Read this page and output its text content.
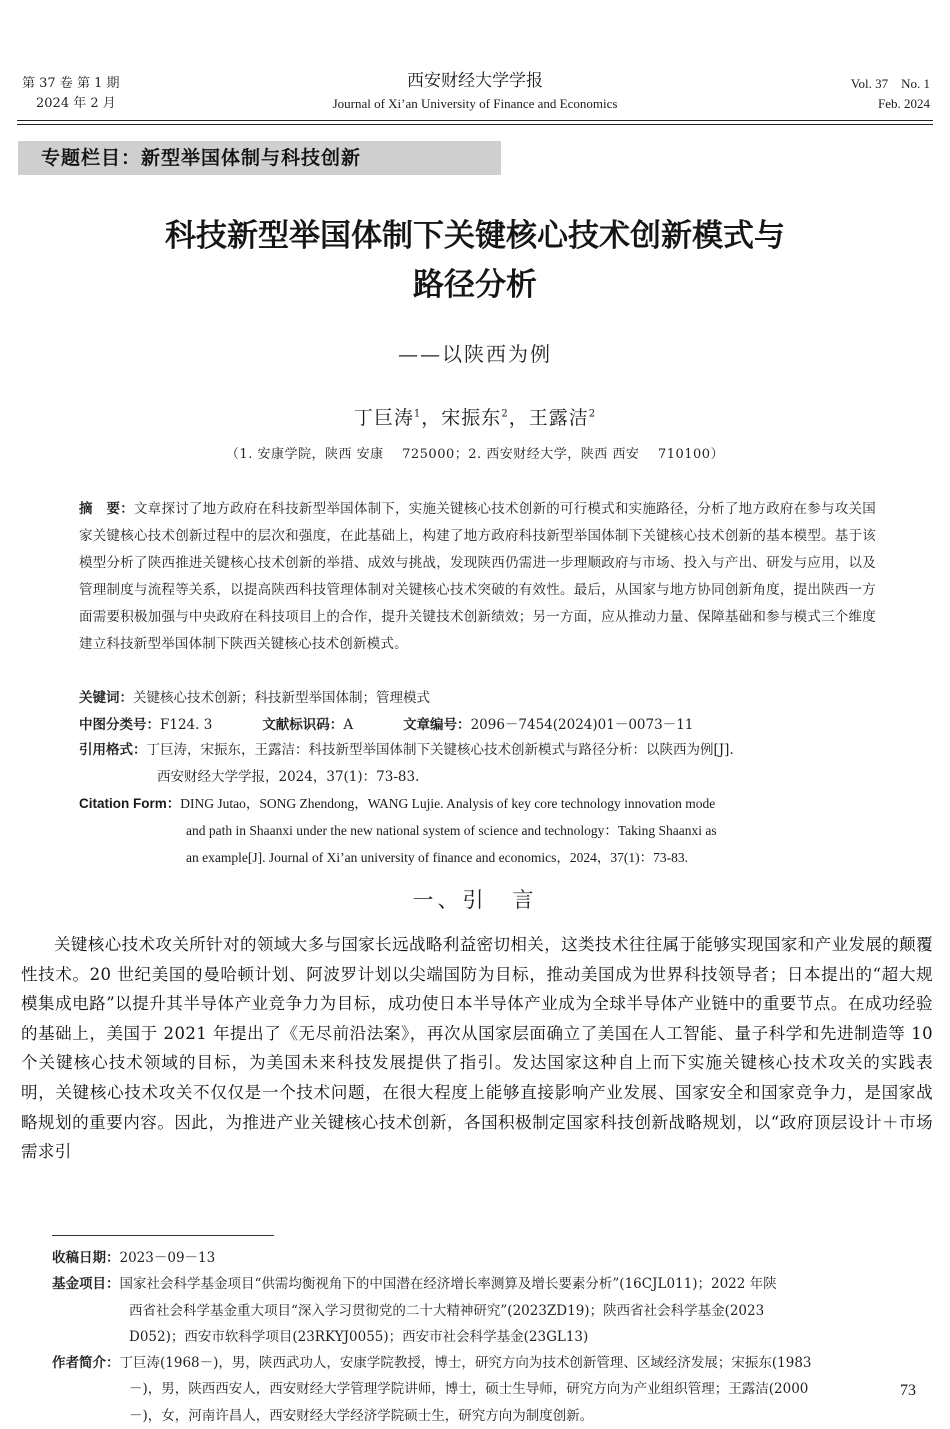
第 37 卷 第 1 期
2024 年 2 月
西安财经大学学报
Journal of Xi’an University of Finance and Economics
Vol. 37    No. 1
Feb. 2024
专题栏目：新型举国体制与科技创新
科技新型举国体制下关键核心技术创新模式与
路径分析
——以陕西为例
丁巨涛$^1$，宋振东$^2$，王露洁$^2$
（1. 安康学院，陕西 安康    725000；2. 西安财经大学，陕西 西安    710100）
摘　要：文章探讨了地方政府在科技新型举国体制下，实施关键核心技术创新的可行模式和实施路径，分析了地方政府在参与攻关国家关键核心技术创新过程中的层次和强度，在此基础上，构建了地方政府科技新型举国体制下关键核心技术创新的基本模型。基于该模型分析了陕西推进关键核心技术创新的举措、成效与挑战，发现陕西仍需进一步理顺政府与市场、投入与产出、研发与应用，以及管理制度与流程等关系，以提高陕西科技管理体制对关键核心技术突破的有效性。最后，从国家与地方协同创新角度，提出陕西一方面需要积极加强与中央政府在科技项目上的合作，提升关键技术创新绩效；另一方面，应从推动力量、保障基础和参与模式三个维度建立科技新型举国体制下陕西关键核心技术创新模式。
关键词：关键核心技术创新；科技新型举国体制；管理模式
中图分类号：F124. 3	文献标识码：A	文章编号：2096－7454(2024)01－0073－11
引用格式：丁巨涛，宋振东，王露洁：科技新型举国体制下关键核心技术创新模式与路径分析：以陕西为例[J].
西安财经大学学报，2024，37(1)：73-83.
Citation Form：DING Jutao，SONG Zhendong，WANG Lujie. Analysis of key core technology innovation mode
and path in Shaanxi under the new national system of science and technology：Taking Shaanxi as
an example[J]. Journal of Xi’an university of finance and economics，2024，37(1)：73-83.
一、引　言
关键核心技术攻关所针对的领域大多与国家长远战略利益密切相关，这类技术往往属于能够实现国家和产业发展的颠覆性技术。20 世纪美国的曼哈顿计划、阿波罗计划以尖端国防为目标，推动美国成为世界科技领导者；日本提出的“超大规模集成电路”以提升其半导体产业竞争力为目标，成功使日本半导体产业成为全球半导体产业链中的重要节点。在成功经验的基础上，美国于 2021 年提出了《无尽前沿法案》，再次从国家层面确立了美国在人工智能、量子科学和先进制造等 10 个关键核心技术领域的目标，为美国未来科技发展提供了指引。发达国家这种自上而下实施关键核心技术攻关的实践表明，关键核心技术攻关不仅仅是一个技术问题，在很大程度上能够直接影响产业发展、国家安全和国家竞争力，是国家战略规划的重要内容。因此，为推进产业关键核心技术创新，各国积极制定国家科技创新战略规划，以“政府顶层设计＋市场需求引
收稿日期：2023－09－13
基金项目：国家社会科学基金项目“供需均衡视角下的中国潜在经济增长率测算及增长要素分析”(16CJL011)；2022 年陕
西省社会科学基金重大项目“深入学习贯彻党的二十大精神研究”(2023ZD19)；陕西省社会科学基金(2023
D052)；西安市软科学项目(23RKYJ0055)；西安市社会科学基金(23GL13)
作者简介：丁巨涛(1968－)，男，陕西武功人，安康学院教授，博士，研究方向为技术创新管理、区域经济发展；宋振东(1983
－)，男，陕西西安人，西安财经大学管理学院讲师，博士，硕士生导师，研究方向为产业组织管理；王露洁(2000
－)，女，河南许昌人，西安财经大学经济学院硕士生，研究方向为制度创新。
73
